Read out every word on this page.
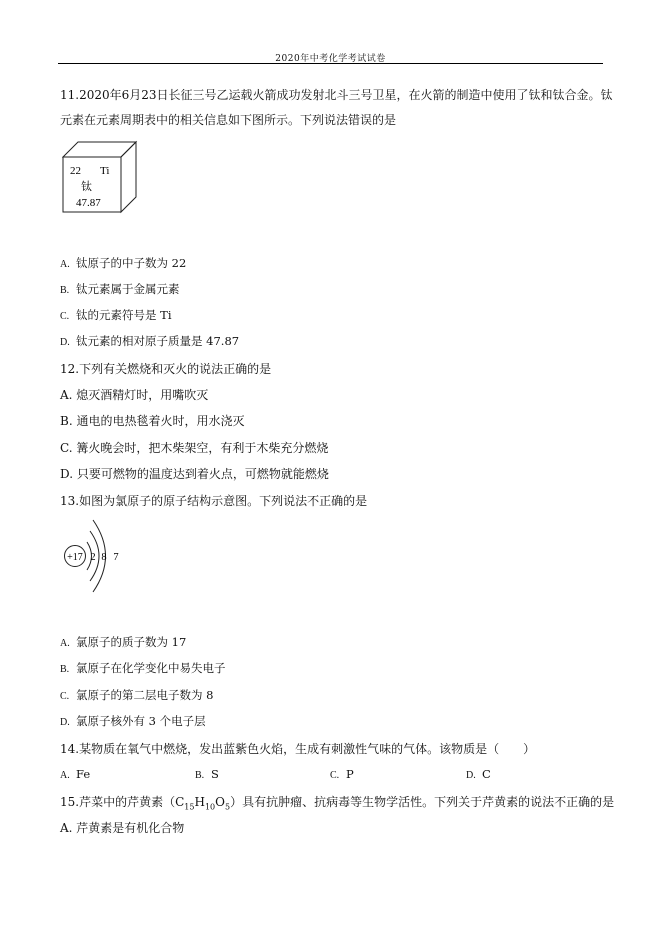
2020年中考化学考试试卷
11.2020年6月23日长征三号乙运载火箭成功发射北斗三号卫星，在火箭的制造中使用了钛和钛合金。钛
元素在元素周期表中的相关信息如下图所示。下列说法错误的是
22 Ti
钛
47.87
A. 钛原子的中子数为 22
B. 钛元素属于金属元素
C. 钛的元素符号是 Ti
D. 钛元素的相对原子质量是 47.87
12.下列有关燃烧和灭火的说法正确的是
A. 熄灭酒精灯时，用嘴吹灭
B. 通电的电热毯着火时，用水浇灭
C. 篝火晚会时，把木柴架空，有利于木柴充分燃烧
D. 只要可燃物的温度达到着火点，可燃物就能燃烧
13.如图为氯原子的原子结构示意图。下列说法不正确的是
+17 2 8 7
A. 氯原子的质子数为 17
B. 氯原子在化学变化中易失电子
C. 氯原子的第二层电子数为 8
D. 氯原子核外有 3 个电子层
14.某物质在氧气中燃烧，发出蓝紫色火焰，生成有刺激性气味的气体。该物质是（　　）
A. Fe	B. S	C. P	D. C
15.芹菜中的芹黄素$(C_{15}H_{10}O_5)$具有抗肿瘤、抗病毒等生物学活性。下列关于芹黄素的说法不正确的是
A. 芹黄素是有机化合物
